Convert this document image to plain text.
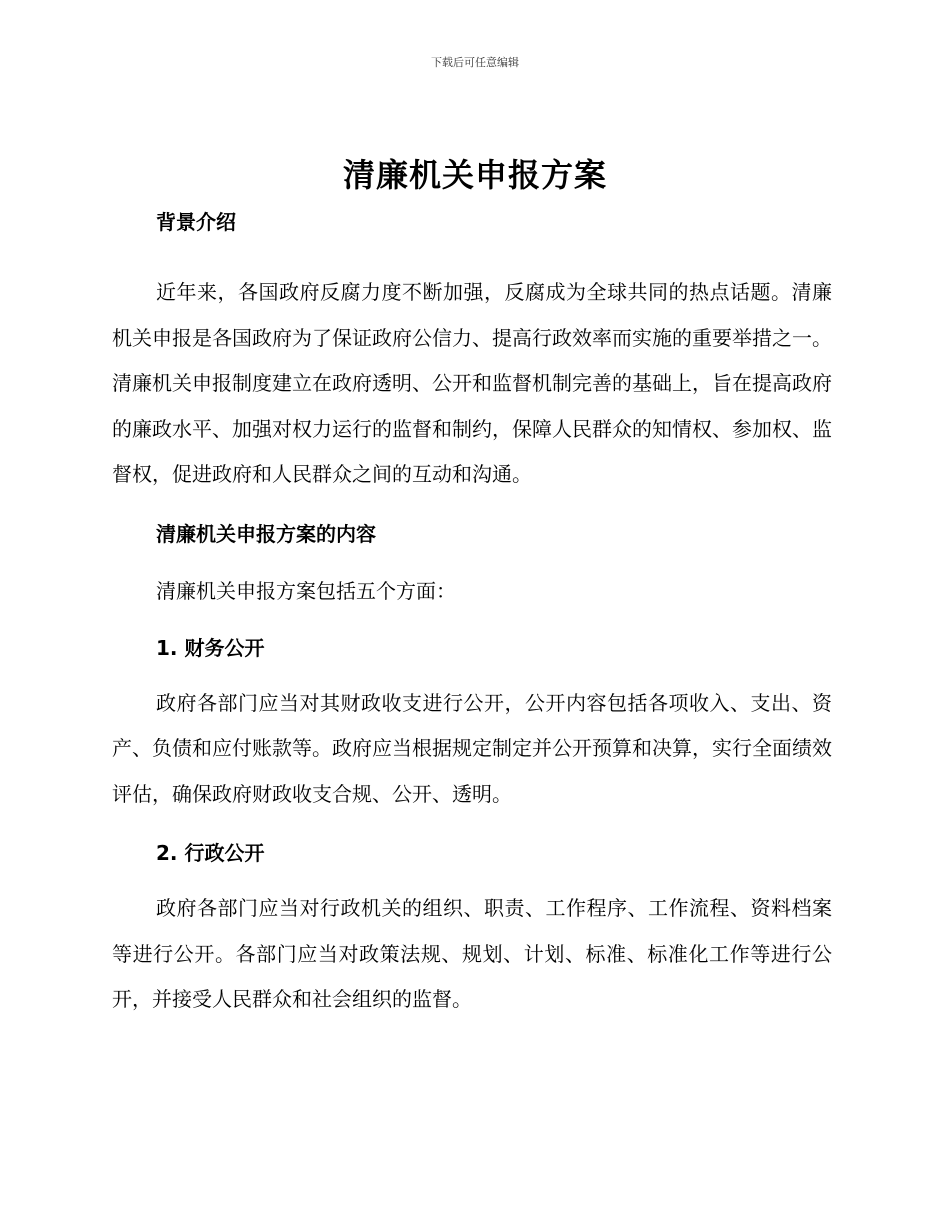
下载后可任意编辑
清廉机关申报方案

背景介绍

近年来，各国政府反腐力度不断加强，反腐成为全球共同的热点话题。清廉机关申报是各国政府为了保证政府公信力、提高行政效率而实施的重要举措之一。清廉机关申报制度建立在政府透明、公开和监督机制完善的基础上，旨在提高政府的廉政水平、加强对权力运行的监督和制约，保障人民群众的知情权、参加权、监督权，促进政府和人民群众之间的互动和沟通。

清廉机关申报方案的内容

清廉机关申报方案包括五个方面：

1. 财务公开

政府各部门应当对其财政收支进行公开，公开内容包括各项收入、支出、资产、负债和应付账款等。政府应当根据规定制定并公开预算和决算，实行全面绩效评估，确保政府财政收支合规、公开、透明。

2. 行政公开

政府各部门应当对行政机关的组织、职责、工作程序、工作流程、资料档案等进行公开。各部门应当对政策法规、规划、计划、标准、标准化工作等进行公开，并接受人民群众和社会组织的监督。
